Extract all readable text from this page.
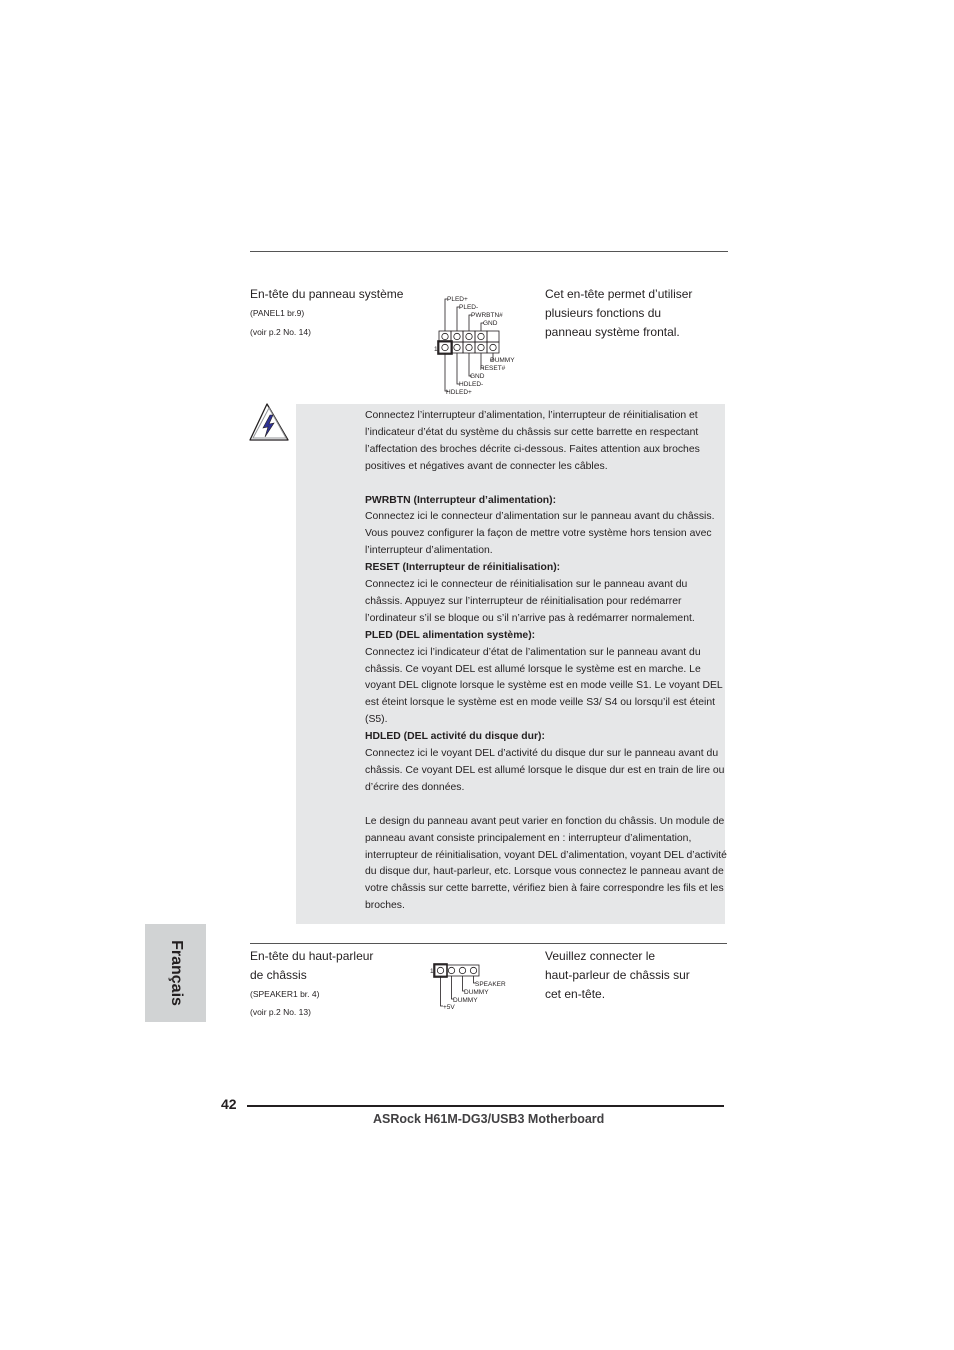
En-tête du panneau système
(PANEL1 br.9)
(voir p.2 No. 14)
1
PLED+
PLED-
PWRBTN#
GND
DUMMY
RESET#
GND
HDLED-
HDLED+
Cet en-tête permet d’utiliser
plusieurs fonctions du
panneau système frontal.

Connectez l’interrupteur d’alimentation, l’interrupteur de réinitialisation et l’indicateur d’état du système du châssis sur cette barrette en respectant l’affectation des broches décrite ci-dessous. Faites attention aux broches positives et négatives avant de connecter les câbles.

PWRBTN (Interrupteur d’alimentation):

Connectez ici le connecteur d’alimentation sur le panneau avant du châssis. Vous pouvez configurer la façon de mettre votre système hors tension avec l’interrupteur d’alimentation.

RESET (Interrupteur de réinitialisation):

Connectez ici le connecteur de réinitialisation sur le panneau avant du châssis. Appuyez sur l’interrupteur de réinitialisation pour redémarrer l’ordinateur s’il se bloque ou s’il n’arrive pas à redémarrer normalement.

PLED (DEL alimentation système):

Connectez ici l’indicateur d’état de l’alimentation sur le panneau avant du châssis. Ce voyant DEL est allumé lorsque le système est en marche. Le voyant DEL clignote lorsque le système est en mode veille S1. Le voyant DEL est éteint lorsque le système est en mode veille S3/ S4 ou lorsqu’il est éteint (S5).

HDLED (DEL activité du disque dur):

Connectez ici le voyant DEL d’activité du disque dur sur le panneau avant du châssis. Ce voyant DEL est allumé lorsque le disque dur est en train de lire ou d’écrire des données.

Le design du panneau avant peut varier en fonction du châssis. Un module de panneau avant consiste principalement en : interrupteur d’alimentation, interrupteur de réinitialisation, voyant DEL d’alimentation, voyant DEL d’activité du disque dur, haut-parleur, etc. Lorsque vous connectez le panneau avant de votre châssis sur cette barrette, vérifiez bien à faire correspondre les fils et les broches.

Français	En-tête du haut-parleur
de châssis
(SPEAKER1 br. 4)
(voir p.2 No. 13)
1
SPEAKER
DUMMY
DUMMY
+5V
Veuillez connecter le
haut-parleur de châssis sur
cet en-tête.
42
ASRock H61M-DG3/USB3 Motherboard
